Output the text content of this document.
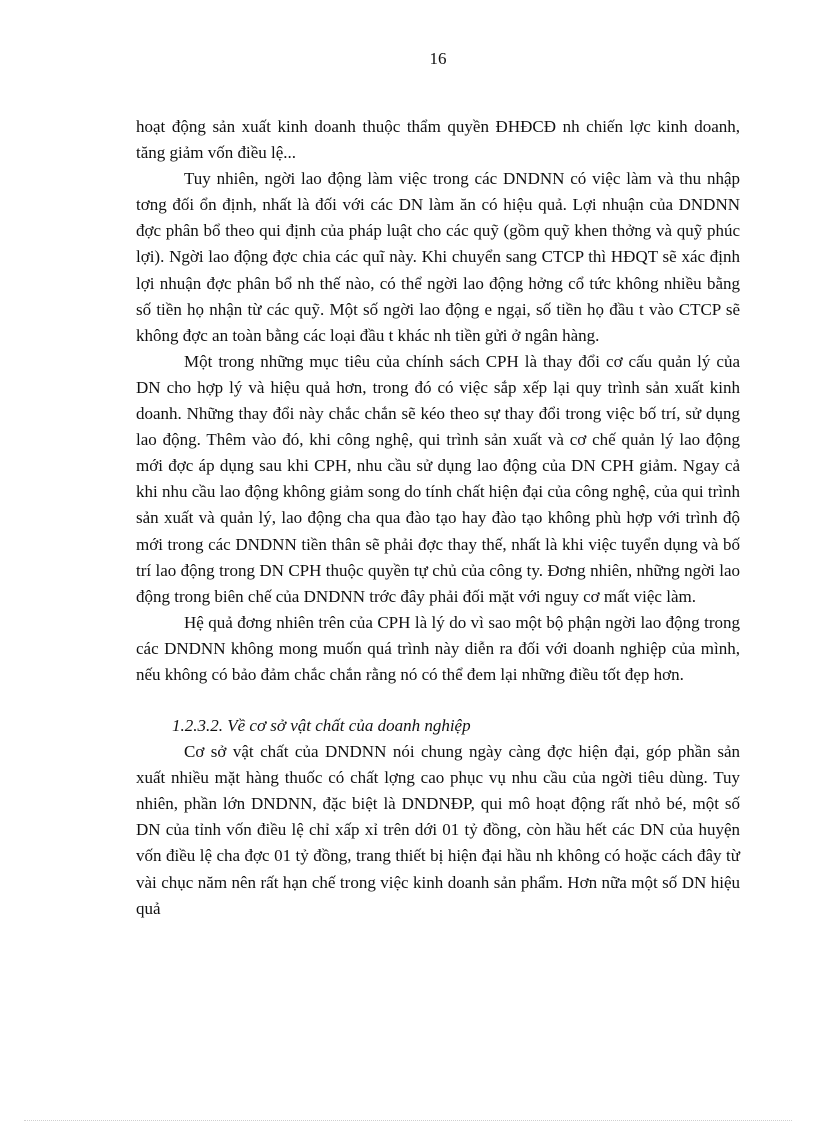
16

hoạt động sản xuất kinh doanh thuộc thẩm quyền ĐHĐCĐ nh chiến lợc kinh doanh, tăng giảm vốn điều lệ...

Tuy nhiên, ngời lao động làm việc trong các DNDNN có việc làm và thu nhập tơng đối ổn định, nhất là đối với các DN làm ăn có hiệu quả. Lợi nhuận của DNDNN đợc phân bổ theo qui định của pháp luật cho các quỹ (gồm quỹ khen thởng và quỹ phúc lợi). Ngời lao động đợc chia các quĩ này. Khi chuyển sang CTCP thì HĐQT sẽ xác định lợi nhuận đợc phân bổ nh thế nào, có thể ngời lao động hởng cổ tức không nhiều bằng số tiền họ nhận từ các quỹ. Một số ngời lao động e ngại, số tiền họ đầu t vào CTCP sẽ không đợc an toàn bằng các loại đầu t khác nh tiền gửi ở ngân hàng.

Một trong những mục tiêu của chính sách CPH là thay đổi cơ cấu quản lý của DN cho hợp lý và hiệu quả hơn, trong đó có việc sắp xếp lại quy trình sản xuất kinh doanh. Những thay đổi này chắc chắn sẽ kéo theo sự thay đổi trong việc bố trí, sử dụng lao động. Thêm vào đó, khi công nghệ, qui trình sản xuất và cơ chế quản lý lao động mới đợc áp dụng sau khi CPH, nhu cầu sử dụng lao động của DN CPH giảm. Ngay cả khi nhu cầu lao động không giảm song do tính chất hiện đại của công nghệ, của qui trình sản xuất và quản lý, lao động cha qua đào tạo hay đào tạo không phù hợp với trình độ mới trong các DNDNN tiền thân sẽ phải đợc thay thế, nhất là khi việc tuyển dụng và bố trí lao động trong DN CPH thuộc quyền tự chủ của công ty. Đơng nhiên, những ngời lao động trong biên chế của DNDNN trớc đây phải đối mặt với nguy cơ mất việc làm.

Hệ quả đơng nhiên trên của CPH là lý do vì sao một bộ phận ngời lao động trong các DNDNN không mong muốn quá trình này diễn ra đối với doanh nghiệp của mình, nếu không có bảo đảm chắc chắn rằng nó có thể đem lại những điều tốt đẹp hơn.

1.2.3.2. Về cơ sở vật chất của doanh nghiệp

Cơ sở vật chất của DNDNN nói chung ngày càng đợc hiện đại, góp phần sản xuất nhiều mặt hàng thuốc có chất lợng cao phục vụ nhu cầu của ngời tiêu dùng. Tuy nhiên, phần lớn DNDNN, đặc biệt là DNDNĐP, qui mô hoạt động rất nhỏ bé, một số DN của tỉnh vốn điều lệ chỉ xấp xỉ trên dới 01 tỷ đồng, còn hầu hết các DN của huyện vốn điều lệ cha đợc 01 tỷ đồng, trang thiết bị hiện đại hầu nh không có hoặc cách đây từ vài chục năm nên rất hạn chế trong việc kinh doanh sản phẩm. Hơn nữa một số DN hiệu quả
